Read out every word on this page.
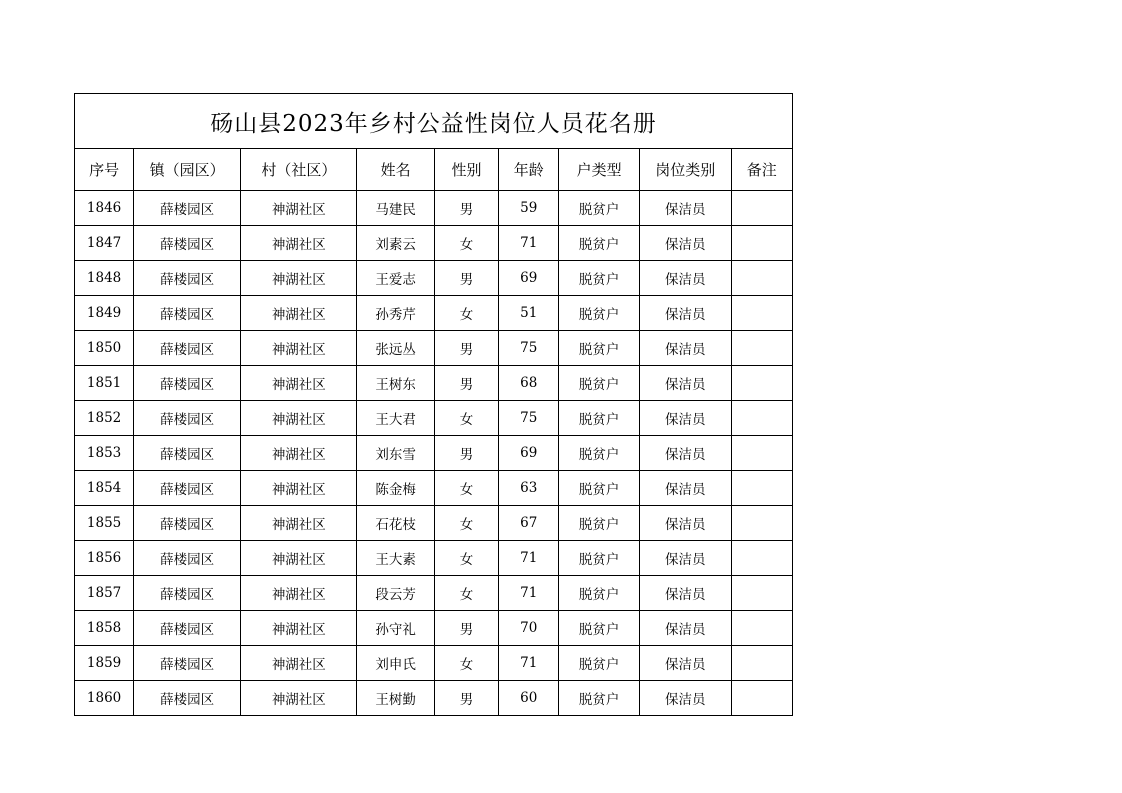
砀山县2023年乡村公益性岗位人员花名册								
序号	镇（园区）	村（社区）	姓名	性别	年龄	户类型	岗位类别	备注
1846	薛楼园区	神湖社区	马建民	男	59	脱贫户	保洁员	
1847	薛楼园区	神湖社区	刘素云	女	71	脱贫户	保洁员	
1848	薛楼园区	神湖社区	王爱志	男	69	脱贫户	保洁员	
1849	薛楼园区	神湖社区	孙秀芹	女	51	脱贫户	保洁员	
1850	薛楼园区	神湖社区	张远丛	男	75	脱贫户	保洁员	
1851	薛楼园区	神湖社区	王树东	男	68	脱贫户	保洁员	
1852	薛楼园区	神湖社区	王大君	女	75	脱贫户	保洁员	
1853	薛楼园区	神湖社区	刘东雪	男	69	脱贫户	保洁员	
1854	薛楼园区	神湖社区	陈金梅	女	63	脱贫户	保洁员	
1855	薛楼园区	神湖社区	石花枝	女	67	脱贫户	保洁员	
1856	薛楼园区	神湖社区	王大素	女	71	脱贫户	保洁员	
1857	薛楼园区	神湖社区	段云芳	女	71	脱贫户	保洁员	
1858	薛楼园区	神湖社区	孙守礼	男	70	脱贫户	保洁员	
1859	薛楼园区	神湖社区	刘申氏	女	71	脱贫户	保洁员	
1860	薛楼园区	神湖社区	王树勤	男	60	脱贫户	保洁员	
